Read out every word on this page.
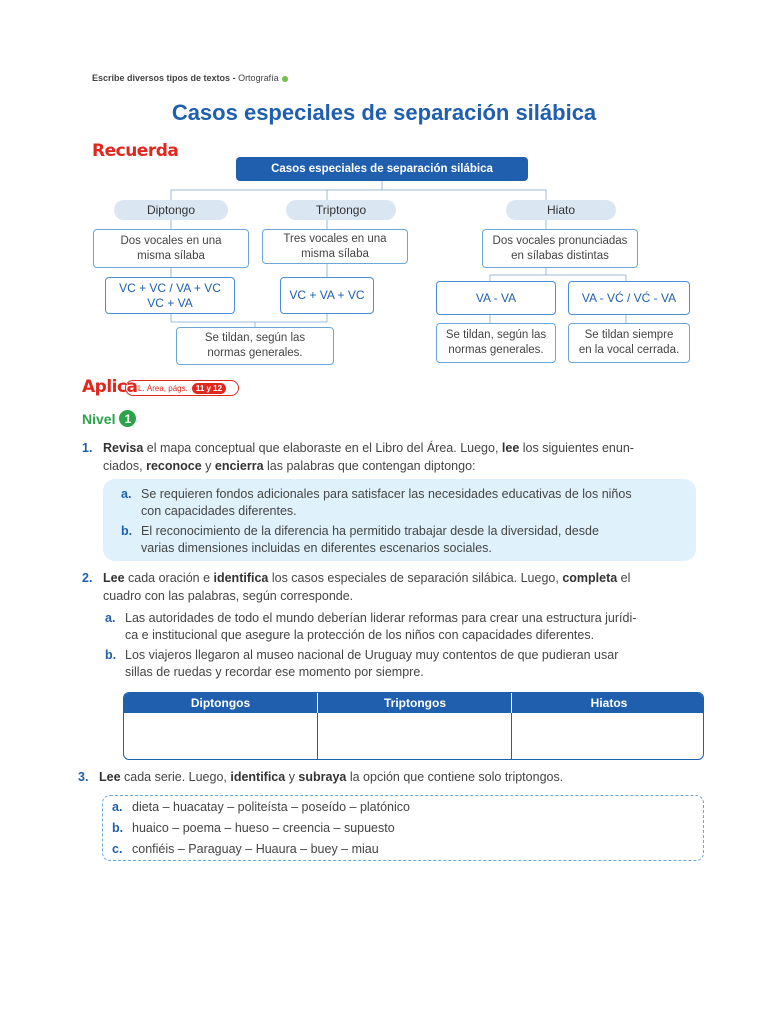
Escribe diversos tipos de textos - Ortografía
Casos especiales de separación silábica
Recuerda
Casos especiales de separación silábica
Diptongo	Triptongo	Hiato
Dos vocales en una
misma sílaba
Tres vocales en una
misma sílaba
Dos vocales pronunciadas
en sílabas distintas
VC + VC / VA + VC
VC + VA
VC + VA + VC	VA - VA	VA - VĆ / VĆ - VA
Se tildan, según las
normas generales.
Se tildan, según las
normas generales.
Se tildan siempre
en la vocal cerrada.
Aplica L. Área, págs.	11 y 12
Nivel 1
1. Revisa el mapa conceptual que elaboraste en el Libro del Área. Luego, lee los siguientes enun-
ciados, reconoce y encierra las palabras que contengan diptongo:
a. Se requieren fondos adicionales para satisfacer las necesidades educativas de los niños
con capacidades diferentes.
b. El reconocimiento de la diferencia ha permitido trabajar desde la diversidad, desde
varias dimensiones incluidas en diferentes escenarios sociales.
2. Lee cada oración e identifica los casos especiales de separación silábica. Luego, completa el
cuadro con las palabras, según corresponde.
a. Las autoridades de todo el mundo deberían liderar reformas para crear una estructura jurídi-
ca e institucional que asegure la protección de los niños con capacidades diferentes.
b. Los viajeros llegaron al museo nacional de Uruguay muy contentos de que pudieran usar
sillas de ruedas y recordar ese momento por siempre.
Diptongos	Triptongos	Hiatos
3. Lee cada serie. Luego, identifica y subraya la opción que contiene solo triptongos.
a. dieta – huacatay – politeísta – poseído – platónico
b. huaico – poema – hueso – creencia – supuesto
c. confiéis – Paraguay – Huaura – buey – miau
